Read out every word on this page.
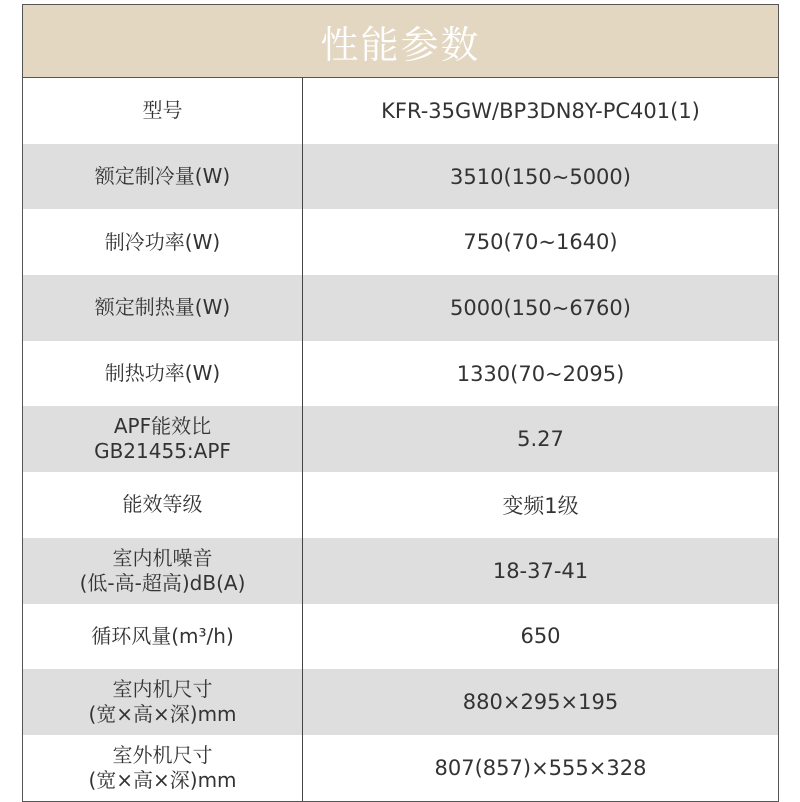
性能参数
型号	KFR-35GW/BP3DN8Y-PC401(1)
额定制冷量(W)	3510(150~5000)
制冷功率(W)	750(70~1640)
额定制热量(W)	5000(150~6760)
制热功率(W)	1330(70~2095)
APF能效比
GB21455:APF	5.27
能效等级	变频1级
室内机噪音
(低-高-超高)dB(A)	18-37-41
循环风量(m³/h)	650
室内机尺寸
(宽×高×深)mm	880×295×195
室外机尺寸
(宽×高×深)mm	807(857)×555×328
